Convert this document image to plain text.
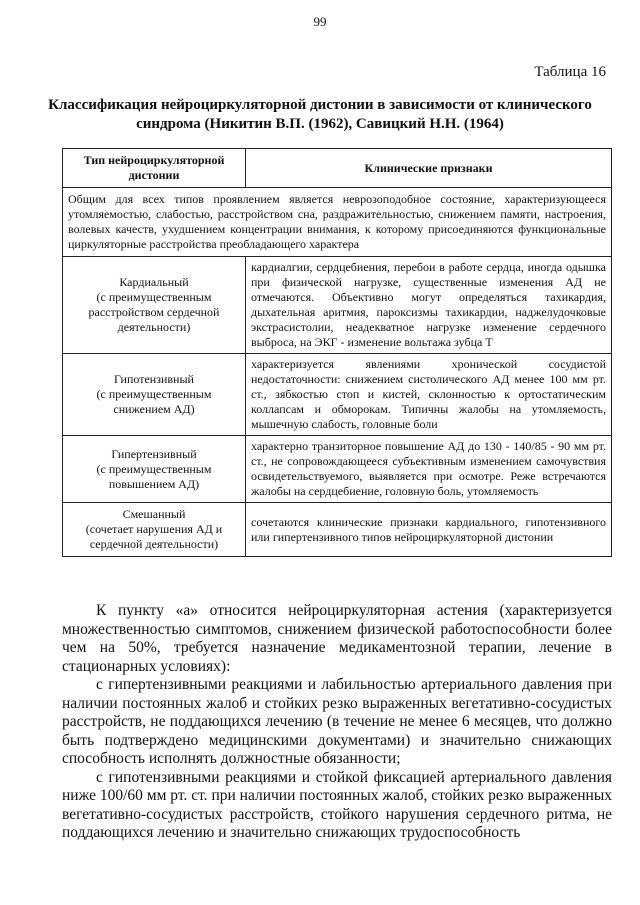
99
Таблица 16
Классификация нейроциркуляторной дистонии в зависимости от клинического синдрома (Никитин В.П. (1962), Савицкий Н.Н. (1964)
Тип нейроциркуляторной дистонии	Клинические признаки
Общим для всех типов проявлением является неврозоподобное состояние, характеризующееся утомляемостью, слабостью, расстройством сна, раздражительностью, снижением памяти, настроения, волевых качеств, ухудшением концентрации внимания, к которому присоединяются функциональные циркуляторные расстройства преобладающего характера	

Кардиальный
(с преимущественным расстройством сердечной деятельности)	кардиалгии, сердцебиения, перебои в работе сердца, иногда одышка при физической нагрузке, существенные изменения АД не отмечаются. Объективно могут определяться тахикардия, дыхательная аритмия, пароксизмы тахикардии, наджелудочковые экстрасистолии, неадекватное нагрузке изменение сердечного выброса, на ЭКГ - изменение вольтажа зубца Т

Гипотензивный
(с преимущественным снижением АД)	характеризуется явлениями хронической сосудистой недостаточности: снижением систолического АД менее 100 мм рт. ст., зябкостью стоп и кистей, склонностью к ортостатическим коллапсам и обморокам. Типичны жалобы на утомляемость, мышечную слабость, головные боли

Гипертензивный
(с преимущественным повышением АД)	характерно транзиторное повышение АД до 130 - 140/85 - 90 мм рт. ст., не сопровождающееся субъективным изменением самочувствия освидетельствуемого, выявляется при осмотре. Реже встречаются жалобы на сердцебиение, головную боль, утомляемость

Смешанный
(сочетает нарушения АД и сердечной деятельности)	сочетаются клинические признаки кардиального, гипотензивного или гипертензивного типов нейроциркуляторной дистонии

К пункту «а» относится нейроциркуляторная астения (характеризуется множественностью симптомов, снижением физической работоспособности более чем на 50%, требуется назначение медикаментозной терапии, лечение в стационарных условиях):

с гипертензивными реакциями и лабильностью артериального давления при наличии постоянных жалоб и стойких резко выраженных вегетативно-сосудистых расстройств, не поддающихся лечению (в течение не менее 6 месяцев, что должно быть подтверждено медицинскими документами) и значительно снижающих способность исполнять должностные обязанности;

с гипотензивными реакциями и стойкой фиксацией артериального давления ниже 100/60 мм рт. ст. при наличии постоянных жалоб, стойких резко выраженных вегетативно-сосудистых расстройств, стойкого нарушения сердечного ритма, не поддающихся лечению и значительно снижающих трудоспособность
